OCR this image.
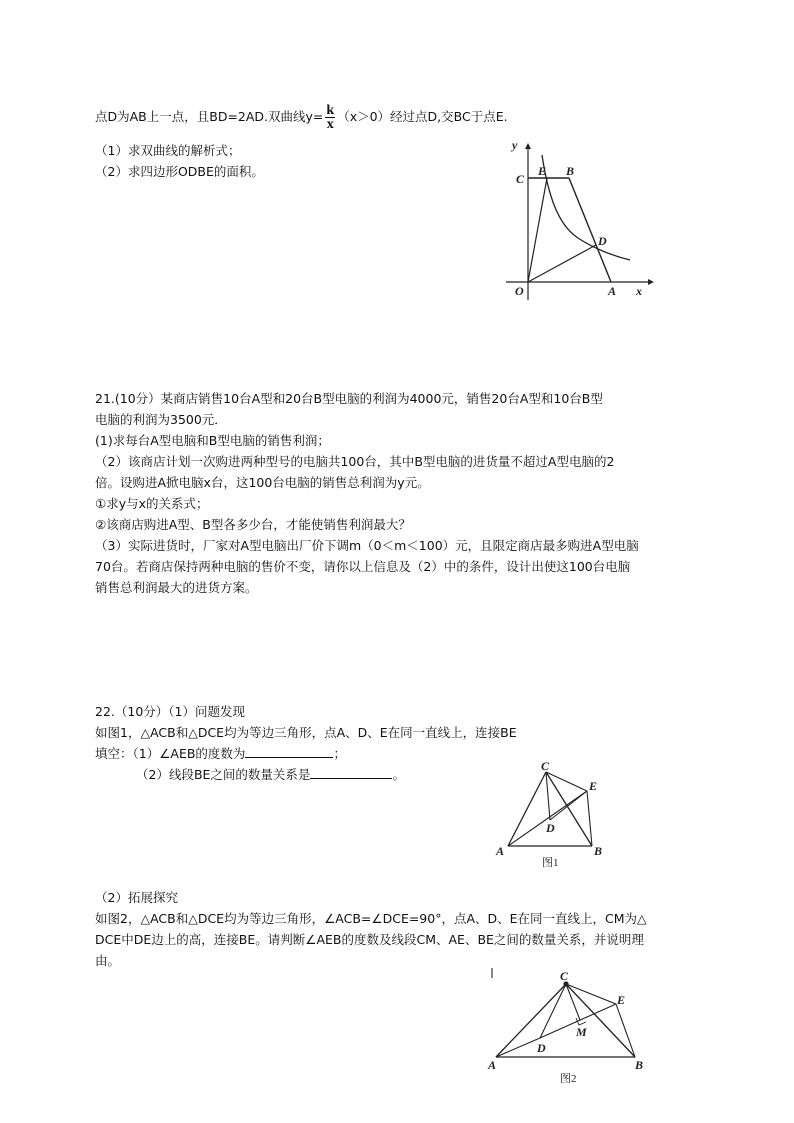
点D为AB上一点，且BD=2AD.双曲线$y= \frac{k}{x} (x>0)$经过点D,交BC于点E.
（1）求双曲线的解析式；
（2）求四边形ODBE的面积。
y
x
O	A
C
E B
D
21.(10分）某商店销售10台A型和20台B型电脑的利润为4000元，销售20台A型和10台B型
电脑的利润为3500元．
(1)求每台A型电脑和B型电脑的销售利润；
（2）该商店计划一次购进两种型号的电脑共100台，其中B型电脑的进货量不超过A型电脑的2
倍。设购进A掀电脑x台，这100台电脑的销售总利润为y元。
①求y与x的关系式；
②该商店购进A型、B型各多少台，才能使销售利润最大？
（3）实际进货时，厂家对A型电脑出厂价下调m（0＜m＜100）元，且限定商店最多购进A型电脑
70台。若商店保持两种电脑的售价不变，请你以上信息及（2）中的条件，设计出使这100台电脑
销售总利润最大的进货方案。
22.（10分）（1）问题发现
如图1，△ACB和△DCE均为等边三角形，点A、D、E在同一直线上，连接BE
填空：（1）∠AEB的度数为	；
（2）线段BE之间的数量关系是	。
C
E
D
A	B
图1
（2）拓展探究
如图2，△ACB和△DCE均为等边三角形，∠ACB=∠DCE=90°，点A、D、E在同一直线上，CM为△
DCE中DE边上的高，连接BE。请判断∠AEB的度数及线段CM、AE、BE之间的数量关系，并说明理
由。
C
E
M
D
A	B
图2
